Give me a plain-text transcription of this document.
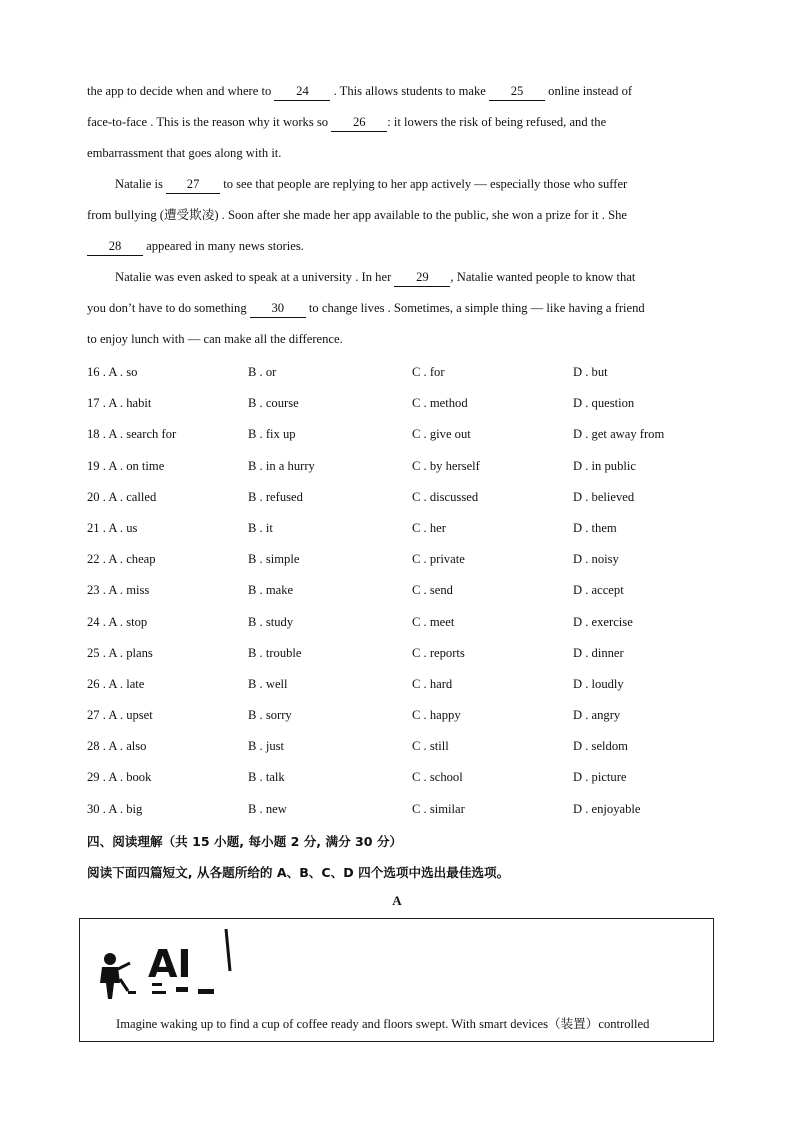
the app to decide when and where to 24 . This allows students to make 25 online instead of
face-to-face . This is the reason why it works so 26 : it lowers the risk of being refused, and the
embarrassment that goes along with it.
Natalie is 27 to see that people are replying to her app actively — especially those who suffer
from bullying (遭受欺凌) . Soon after she made her app available to the public, she won a prize for it . She
28 appeared in many news stories.
Natalie was even asked to speak at a university . In her 29 , Natalie wanted people to know that
you don’t have to do something 30 to change lives . Sometimes, a simple thing — like having a friend
to enjoy lunch with — can make all the difference.
16 . A . so	B . or	C . for	D . but
17 . A . habit	B . course	C . method	D . question
18 . A . search for	B . fix up	C . give out	D . get away from
19 . A . on time	B . in a hurry	C . by herself	D . in public
20 . A . called	B . refused	C . discussed	D . believed
21 . A . us	B . it	C . her	D . them
22 . A . cheap	B . simple	C . private	D . noisy
23 . A . miss	B . make	C . send	D . accept
24 . A . stop	B . study	C . meet	D . exercise
25 . A . plans	B . trouble	C . reports	D . dinner
26 . A . late	B . well	C . hard	D . loudly
27 . A . upset	B . sorry	C . happy	D . angry
28 . A . also	B . just	C . still	D . seldom
29 . A . book	B . talk	C . school	D . picture
30 . A . big	B . new	C . similar	D . enjoyable
四、阅读理解（共 15 小题, 每小题 2 分, 满分 30 分）
阅读下面四篇短文, 从各题所给的 A、B、C、D 四个选项中选出最佳选项。
A
AI
Imagine waking up to find a cup of coffee ready and floors swept. With smart devices（装置）controlled
